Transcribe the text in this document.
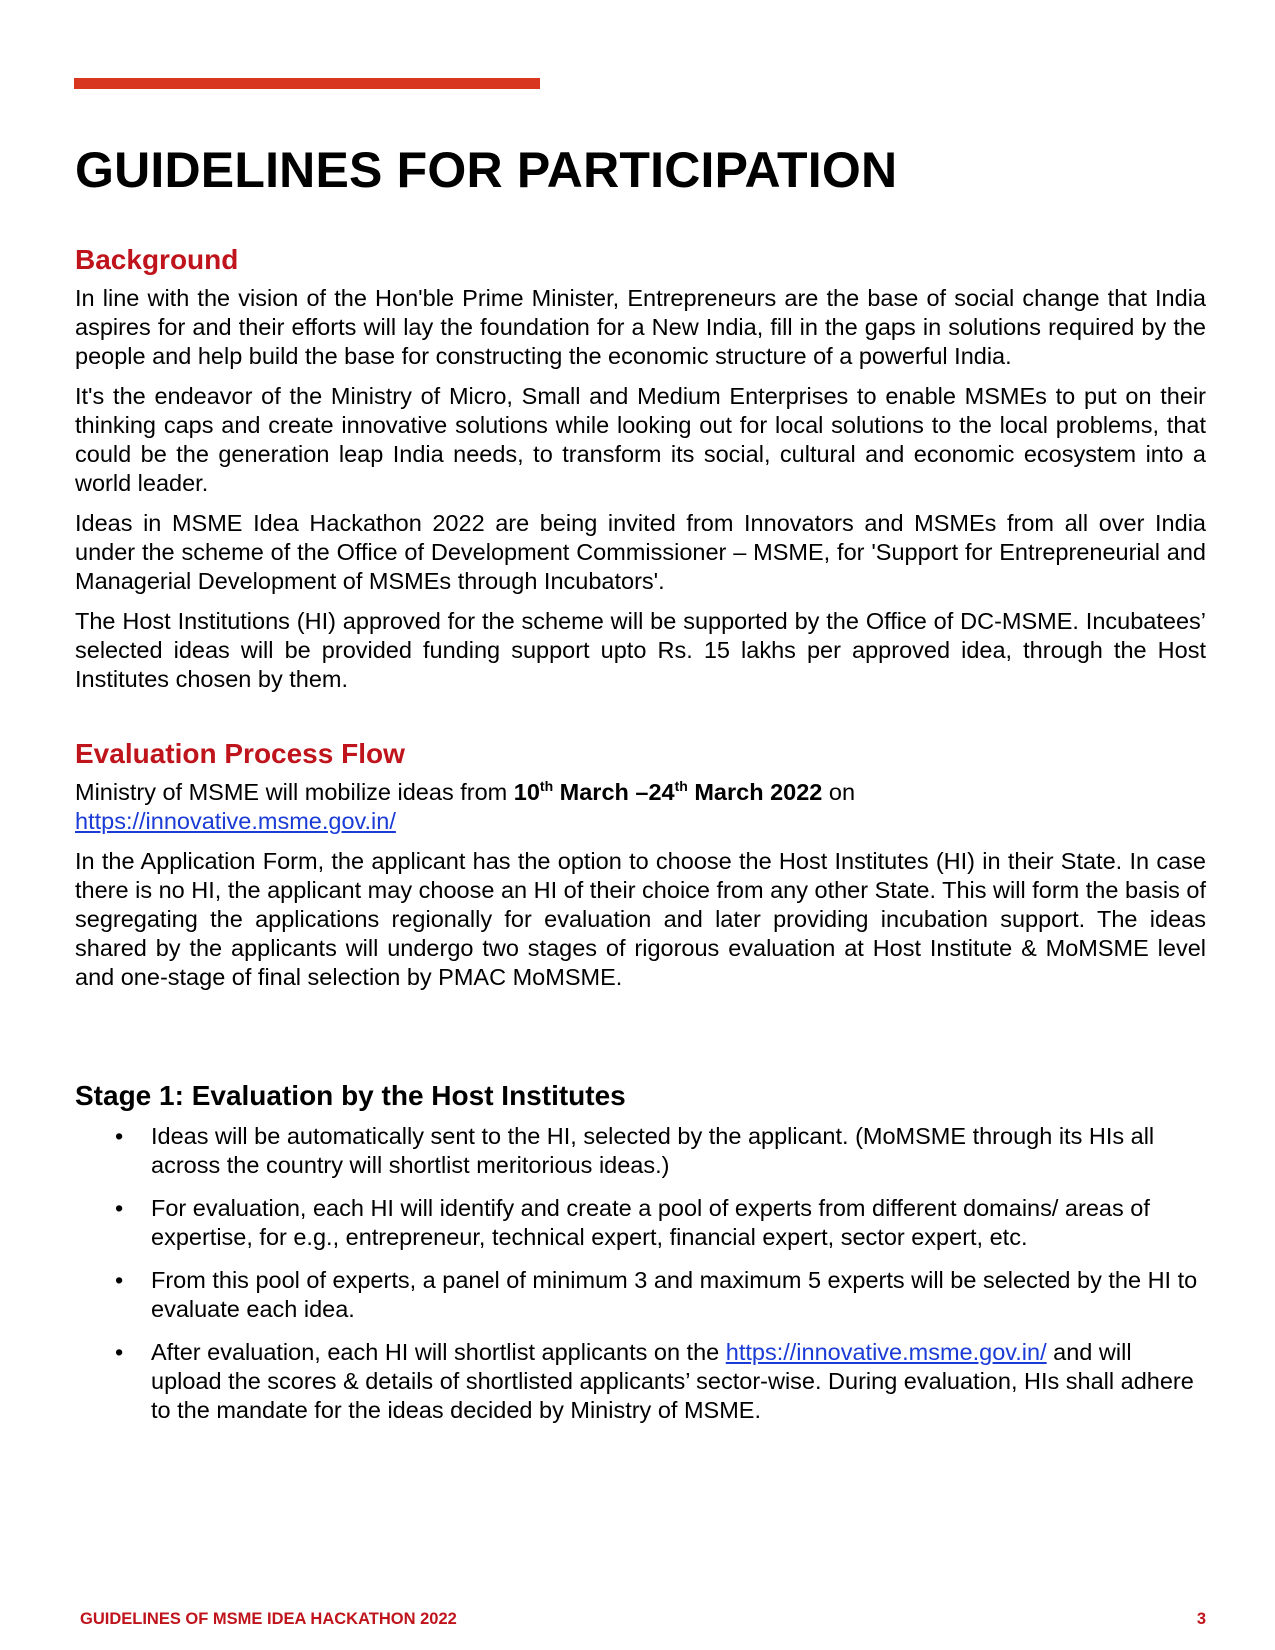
GUIDELINES FOR PARTICIPATION
Background

In line with the vision of the Hon'ble Prime Minister, Entrepreneurs are the base of social change that India aspires for and their efforts will lay the foundation for a New India, fill in the gaps in solutions required by the people and help build the base for constructing the economic structure of a powerful India.

It's the endeavor of the Ministry of Micro, Small and Medium Enterprises to enable MSMEs to put on their thinking caps and create innovative solutions while looking out for local solutions to the local problems, that could be the generation leap India needs, to transform its social, cultural and economic ecosystem into a world leader.

Ideas in MSME Idea Hackathon 2022 are being invited from Innovators and MSMEs from all over India under the scheme of the Office of Development Commissioner – MSME, for 'Support for Entrepreneurial and Managerial Development of MSMEs through Incubators'.

The Host Institutions (HI) approved for the scheme will be supported by the Office of DC-MSME. Incubatees’ selected ideas will be provided funding support upto Rs. 15 lakhs per approved idea, through the Host Institutes chosen by them.

Evaluation Process Flow

Ministry of MSME will mobilize ideas from 10th March –24th March 2022 on
https://innovative.msme.gov.in/

In the Application Form, the applicant has the option to choose the Host Institutes (HI) in their State. In case there is no HI, the applicant may choose an HI of their choice from any other State. This will form the basis of segregating the applications regionally for evaluation and later providing incubation support. The ideas shared by the applicants will undergo two stages of rigorous evaluation at Host Institute & MoMSME level and one-stage of final selection by PMAC MoMSME.

Stage 1: Evaluation by the Host Institutes
• Ideas will be automatically sent to the HI, selected by the applicant. (MoMSME through its HIs all across the country will shortlist meritorious ideas.)
• For evaluation, each HI will identify and create a pool of experts from different domains/ areas of expertise, for e.g., entrepreneur, technical expert, financial expert, sector expert, etc.
• From this pool of experts, a panel of minimum 3 and maximum 5 experts will be selected by the HI to evaluate each idea.
• After evaluation, each HI will shortlist applicants on the https://innovative.msme.gov.in/ and will upload the scores & details of shortlisted applicants’ sector-wise. During evaluation, HIs shall adhere to the mandate for the ideas decided by Ministry of MSME.
GUIDELINES OF MSME IDEA HACKATHON 2022	3
